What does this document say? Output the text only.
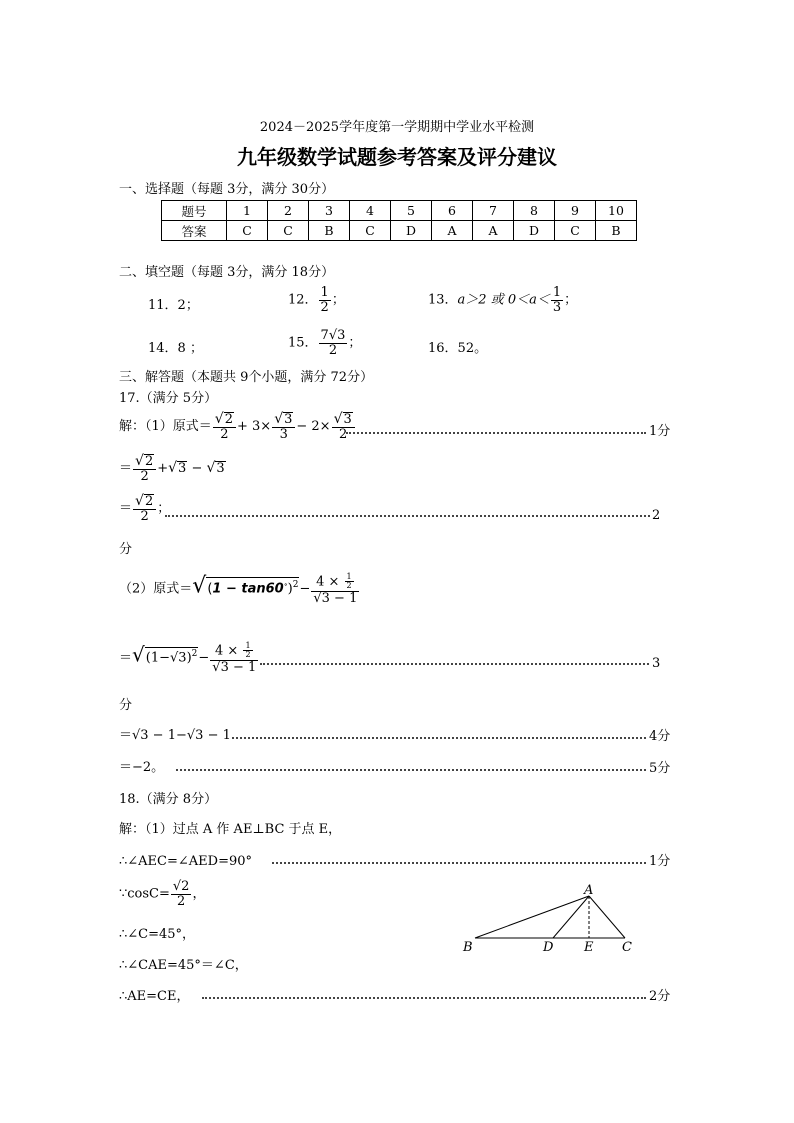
2024－2025学年度第一学期期中学业水平检测
九年级数学试题参考答案及评分建议
一、选择题（每题 3分，满分 30分）
题号	1	2	3	4	5	6	7	8	9	10
答案	C	C	B	C	D	A	A	D	C	B
二、填空题（每题 3分，满分 18分）
11．2；	12． $\frac{1}{2}$ ；	13．a＞2 或 $0<a< \frac{1}{3}$ ；
14．8 ；	15． $\frac{7√3}{2}$ ；	16．52。
三、解答题（本题共 9个小题，满分 72分）
17.（满分 5分）
解：（1）原式＝ $\frac{√2}{2} + 3\times \frac{√3}{3} - 2\times \frac{√3}{2}$	1分
＝ $\frac{√2}{2} +√3 - √3$
＝ $\frac{√2}{2}$ ；	2
分
（2）原式$=√(1 - \tan 60^\circ)^2- \frac{4 \times \frac{1}{2}}{√3 - 1}$
$=√(1-√3)^2- \frac{4 \times \frac{1}{2}}{√3 - 1}$	3
分
＝√3 − 1−√3 − 1	4分
＝−2。	5分
18.（满分 8分）
解：（1）过点 A 作 AE⊥BC 于点 E，
∴∠AEC=∠AED=90°	1分
∵cosC= $\frac{√2}{2}$ ，
∴∠C=45°，
∴∠CAE=45°＝∠C，
∴AE=CE，	2分
A
B	D E C
